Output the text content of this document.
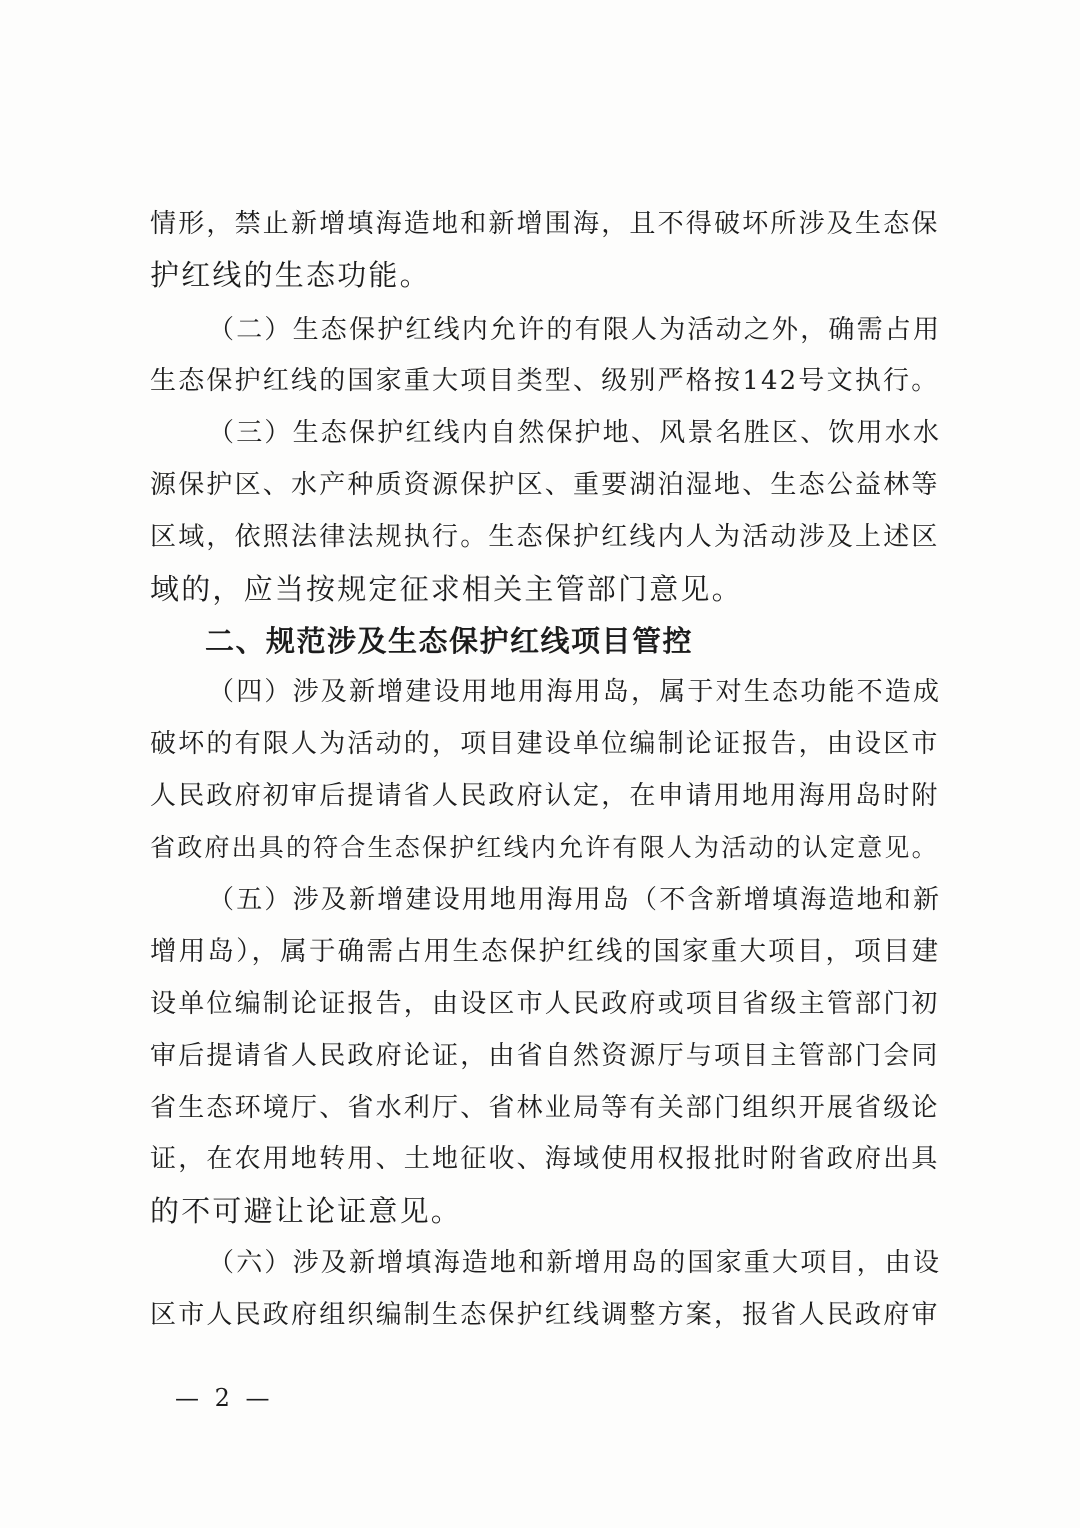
情形，禁止新增填海造地和新增围海，且不得破坏所涉及生态保
护红线的生态功能。
（二）生态保护红线内允许的有限人为活动之外，确需占用
生态保护红线的国家重大项目类型、级别严格按142号文执行。
（三）生态保护红线内自然保护地、风景名胜区、饮用水水
源保护区、水产种质资源保护区、重要湖泊湿地、生态公益林等
区域，依照法律法规执行。生态保护红线内人为活动涉及上述区
域的，应当按规定征求相关主管部门意见。
二、规范涉及生态保护红线项目管控
（四）涉及新增建设用地用海用岛，属于对生态功能不造成
破坏的有限人为活动的，项目建设单位编制论证报告，由设区市
人民政府初审后提请省人民政府认定，在申请用地用海用岛时附
省政府出具的符合生态保护红线内允许有限人为活动的认定意见。
（五）涉及新增建设用地用海用岛（不含新增填海造地和新
增用岛），属于确需占用生态保护红线的国家重大项目，项目建
设单位编制论证报告，由设区市人民政府或项目省级主管部门初
审后提请省人民政府论证，由省自然资源厅与项目主管部门会同
省生态环境厅、省水利厅、省林业局等有关部门组织开展省级论
证，在农用地转用、土地征收、海域使用权报批时附省政府出具
的不可避让论证意见。
（六）涉及新增填海造地和新增用岛的国家重大项目，由设
区市人民政府组织编制生态保护红线调整方案，报省人民政府审
— 2 —
